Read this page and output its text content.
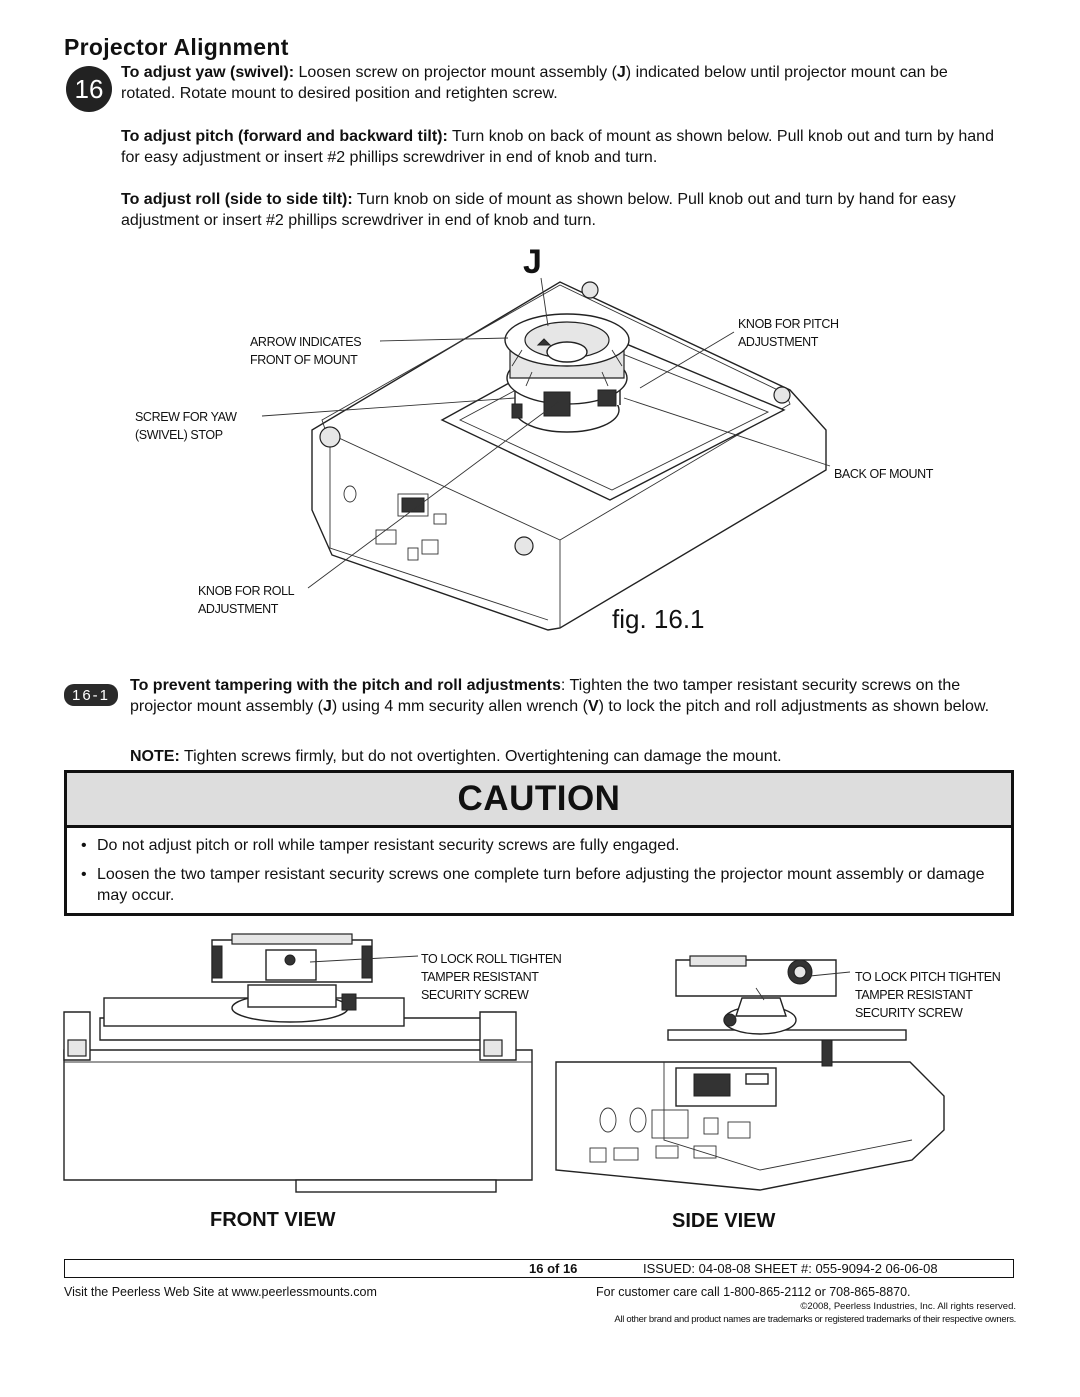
Projector Alignment
16
To adjust yaw (swivel): Loosen screw on projector mount assembly (J) indicated below until projector mount can be rotated. Rotate mount to desired position and retighten screw.
To adjust pitch (forward and backward tilt): Turn knob on back of mount as shown below. Pull knob out and turn by hand for easy adjustment or insert #2 phillips screwdriver in end of knob and turn.
To adjust roll (side to side tilt): Turn knob on side of mount as shown below. Pull knob out and turn by hand for easy adjustment or insert #2 phillips screwdriver in end of knob and turn.
J
ARROW INDICATES
FRONT OF MOUNT
SCREW FOR YAW
(SWIVEL) STOP
KNOB FOR ROLL
ADJUSTMENT
KNOB FOR PITCH
ADJUSTMENT
BACK OF MOUNT
fig. 16.1
16-1
To prevent tampering with the pitch and roll adjustments: Tighten the two tamper resistant security screws on the projector mount assembly (J) using 4 mm security allen wrench (V) to lock the pitch and roll adjustments as shown below.
NOTE: Tighten screws firmly, but do not overtighten. Overtightening can damage the mount.
CAUTION
• Do not adjust pitch or roll while tamper resistant security screws are fully engaged.
• Loosen the two tamper resistant security screws one complete turn before adjusting the projector mount assembly or damage may occur.
TO LOCK ROLL TIGHTEN
TAMPER RESISTANT
SECURITY SCREW
TO LOCK PITCH TIGHTEN
TAMPER RESISTANT
SECURITY SCREW
FRONT VIEW	SIDE VIEW
16 of 16	ISSUED: 04-08-08 SHEET #: 055-9094-2 06-06-08
Visit the Peerless Web Site at www.peerlessmounts.com	For customer care call 1-800-865-2112 or 708-865-8870.
©2008, Peerless Industries, Inc. All rights reserved.
All other brand and product names are trademarks or registered trademarks of their respective owners.
